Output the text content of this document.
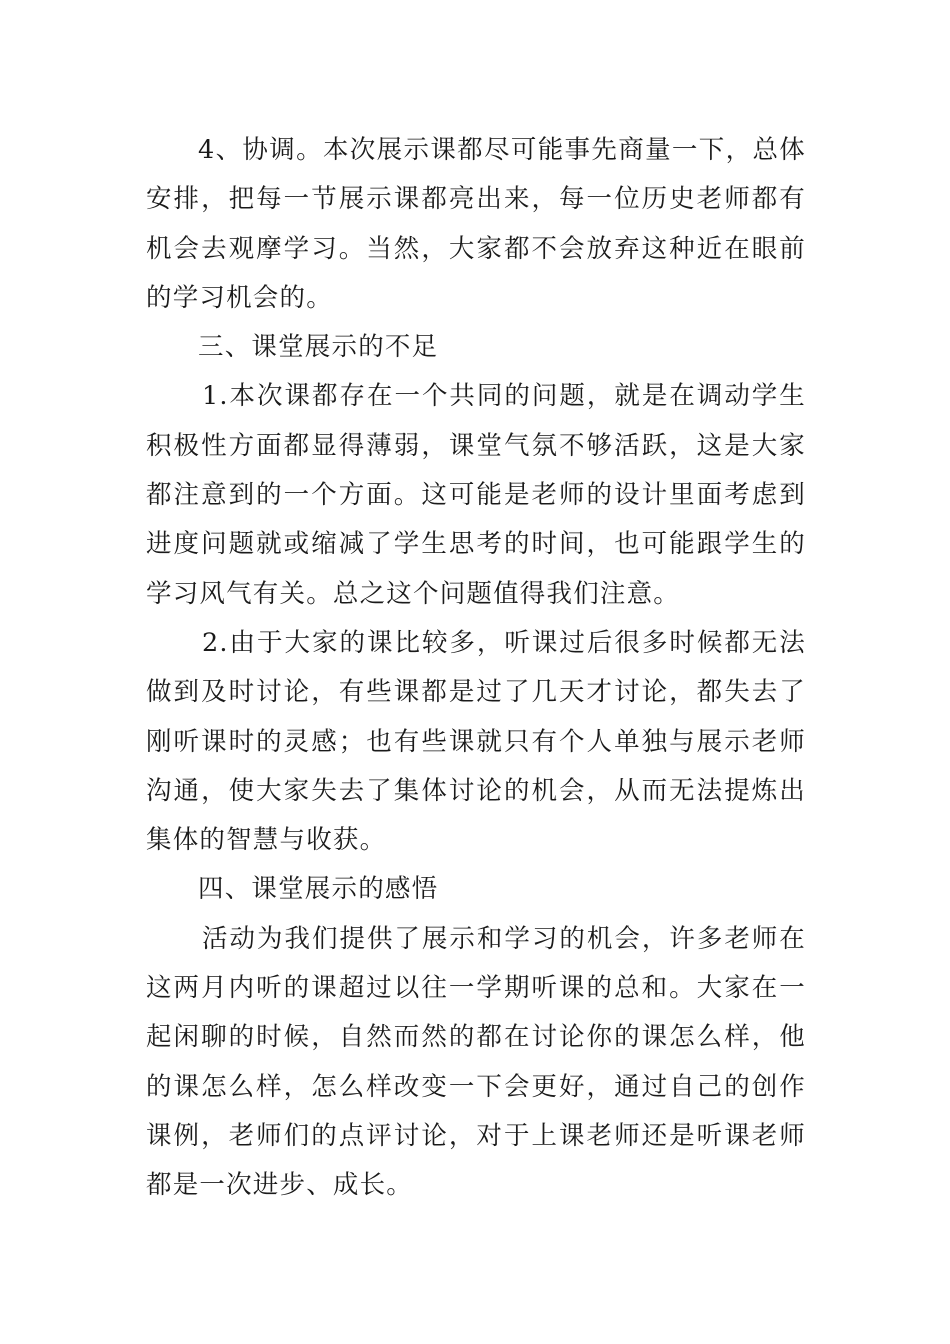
4、协调。本次展示课都尽可能事先商量一下，总体安排，把每一节展示课都亮出来，每一位历史老师都有机会去观摩学习。当然，大家都不会放弃这种近在眼前的学习机会的。

三、课堂展示的不足

1.本次课都存在一个共同的问题，就是在调动学生积极性方面都显得薄弱，课堂气氛不够活跃，这是大家都注意到的一个方面。这可能是老师的设计里面考虑到进度问题就或缩减了学生思考的时间，也可能跟学生的学习风气有关。总之这个问题值得我们注意。

2.由于大家的课比较多，听课过后很多时候都无法做到及时讨论，有些课都是过了几天才讨论，都失去了刚听课时的灵感；也有些课就只有个人单独与展示老师沟通，使大家失去了集体讨论的机会，从而无法提炼出集体的智慧与收获。

四、课堂展示的感悟

活动为我们提供了展示和学习的机会，许多老师在这两月内听的课超过以往一学期听课的总和。大家在一起闲聊的时候，自然而然的都在讨论你的课怎么样，他的课怎么样，怎么样改变一下会更好，通过自己的创作课例，老师们的点评讨论，对于上课老师还是听课老师都是一次进步、成长。
